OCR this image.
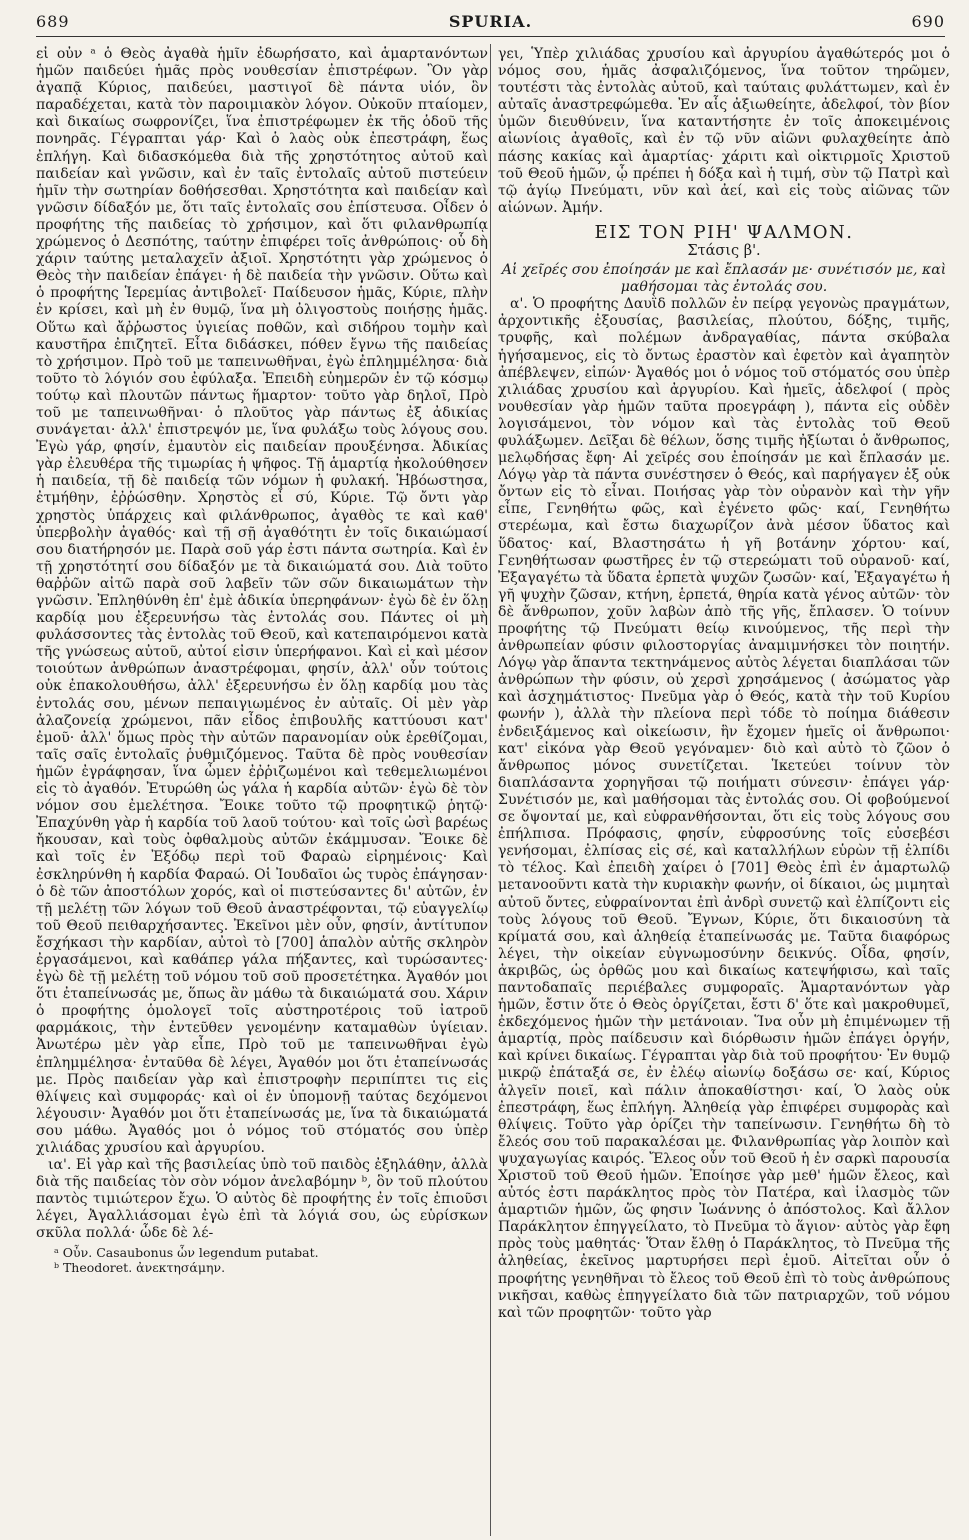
689	SPURIA.	690

εἰ οὖν ᵃ ὁ Θεὸς ἀγαθὰ ἡμῖν ἐδωρήσατο, καὶ ἁμαρτανόντων ἡμῶν παιδεύει ἡμᾶς πρὸς νουθεσίαν ἐπιστρέφων. Ὃν γὰρ ἀγαπᾷ Κύριος, παιδεύει, μαστιγοῖ δὲ πάντα υἱόν, ὃν παραδέχεται, κατὰ τὸν παροιμιακὸν λόγον. Οὐκοῦν πταίομεν, καὶ δικαίως σωφρονίζει, ἵνα ἐπιστρέφωμεν ἐκ τῆς ὁδοῦ τῆς πονηρᾶς. Γέγραπται γάρ· Καὶ ὁ λαὸς οὐκ ἐπεστράφη, ἕως ἐπλήγη. Καὶ διδασκόμεθα διὰ τῆς χρηστότητος αὐτοῦ καὶ παιδείαν καὶ γνῶσιν, καὶ ἐν ταῖς ἐντολαῖς αὐτοῦ πιστεύειν ἡμῖν τὴν σωτηρίαν δοθήσεσθαι. Χρηστότητα καὶ παιδείαν καὶ γνῶσιν δίδαξόν με, ὅτι ταῖς ἐντολαῖς σου ἐπίστευσα. Οἶδεν ὁ προφήτης τῆς παιδείας τὸ χρήσιμον, καὶ ὅτι φιλανθρωπίᾳ χρώμενος ὁ Δεσπότης, ταύτην ἐπιφέρει τοῖς ἀνθρώποις· οὗ δὴ χάριν ταύτης μεταλαχεῖν ἀξιοῖ. Χρηστότητι γὰρ χρώμενος ὁ Θεὸς τὴν παιδείαν ἐπάγει· ἡ δὲ παιδεία τὴν γνῶσιν. Οὕτω καὶ ὁ προφήτης Ἱερεμίας ἀντιβολεῖ· Παίδευσον ἡμᾶς, Κύριε, πλὴν ἐν κρίσει, καὶ μὴ ἐν θυμῷ, ἵνα μὴ ὀλιγοστοὺς ποιήσῃς ἡμᾶς. Οὕτω καὶ ἄῤῥωστος ὑγιείας ποθῶν, καὶ σιδήρου τομὴν καὶ καυστῆρα ἐπιζητεῖ. Εἶτα διδάσκει, πόθεν ἔγνω τῆς παιδείας τὸ χρήσιμον. Πρὸ τοῦ με ταπεινωθῆναι, ἐγὼ ἐπλημμέλησα· διὰ τοῦτο τὸ λόγιόν σου ἐφύλαξα. Ἐπειδὴ εὐημερῶν ἐν τῷ κόσμῳ τούτῳ καὶ πλουτῶν πάντως ἥμαρτον· τοῦτο γὰρ δηλοῖ, Πρὸ τοῦ με ταπεινωθῆναι· ὁ πλοῦτος γὰρ πάντως ἐξ ἀδικίας συνάγεται· ἀλλ' ἐπιστρεψόν με, ἵνα φυλάξω τοὺς λόγους σου. Ἐγὼ γάρ, φησίν, ἐμαυτὸν εἰς παιδείαν προυξένησα. Ἀδικίας γὰρ ἐλευθέρα τῆς τιμωρίας ἡ ψῆφος. Τῇ ἁμαρτίᾳ ἠκολούθησεν ἡ παιδεία, τῇ δὲ παιδείᾳ τῶν νόμων ἡ φυλακή. Ἡβόωστησα, ἐτμήθην, ἐῤῥώσθην. Χρηστὸς εἶ σύ, Κύριε. Τῷ ὄντι γὰρ χρηστὸς ὑπάρχεις καὶ φιλάνθρωπος, ἀγαθὸς τε καὶ καθ' ὑπερβολὴν ἀγαθός· καὶ τῇ σῇ ἀγαθότητι ἐν τοῖς δικαιώμασί σου διατήρησόν με. Παρὰ σοῦ γάρ ἐστι πάντα σωτηρία. Καὶ ἐν τῇ χρηστότητί σου δίδαξόν με τὰ δικαιώματά σου. Διὰ τοῦτο θαῤῥῶν αἰτῶ παρὰ σοῦ λαβεῖν τῶν σῶν δικαιωμάτων τὴν γνῶσιν. Ἐπληθύνθη ἐπ' ἐμὲ ἀδικία ὑπερηφάνων· ἐγὼ δὲ ἐν ὅλῃ καρδίᾳ μου ἐξερευνήσω τὰς ἐντολάς σου. Πάντες οἱ μὴ φυλάσσοντες τὰς ἐντολὰς τοῦ Θεοῦ, καὶ κατεπαιρόμενοι κατὰ τῆς γνώσεως αὐτοῦ, αὐτοί εἰσιν ὑπερήφανοι. Καὶ εἰ καὶ μέσον τοιούτων ἀνθρώπων ἀναστρέφομαι, φησίν, ἀλλ' οὖν τούτοις οὐκ ἐπακολουθήσω, ἀλλ' ἐξερευνήσω ἐν ὅλῃ καρδίᾳ μου τὰς ἐντολάς σου, μένων πεπαιγιωμένος ἐν αὐταῖς. Οἱ μὲν γὰρ ἀλαζονείᾳ χρώμενοι, πᾶν εἶδος ἐπιβουλῆς καττύουσι κατ' ἐμοῦ· ἀλλ' ὅμως πρὸς τὴν αὐτῶν παρανομίαν οὐκ ἐρεθίζομαι, ταῖς σαῖς ἐντολαῖς ῥυθμιζόμενος. Ταῦτα δὲ πρὸς νουθεσίαν ἡμῶν ἐγράφησαν, ἵνα ὦμεν ἐῤῥιζωμένοι καὶ τεθεμελιωμένοι εἰς τὸ ἀγαθόν. Ἐτυρώθη ὡς γάλα ἡ καρδία αὐτῶν· ἐγὼ δὲ τὸν νόμον σου ἐμελέτησα. Ἔοικε τοῦτο τῷ προφητικῷ ῥητῷ· Ἐπαχύνθη γὰρ ἡ καρδία τοῦ λαοῦ τούτου· καὶ τοῖς ὠσὶ βαρέως ἤκουσαν, καὶ τοὺς ὀφθαλμοὺς αὐτῶν ἐκάμμυσαν. Ἔοικε δὲ καὶ τοῖς ἐν Ἐξόδῳ περὶ τοῦ Φαραὼ εἰρημένοις· Καὶ ἐσκληρύνθη ἡ καρδία Φαραώ. Οἱ Ἰουδαῖοι ὡς τυρὸς ἐπάγησαν· ὁ δὲ τῶν ἀποστόλων χορός, καὶ οἱ πιστεύσαντες δι' αὐτῶν, ἐν τῇ μελέτῃ τῶν λόγων τοῦ Θεοῦ ἀναστρέφονται, τῷ εὐαγγελίῳ τοῦ Θεοῦ πειθαρχήσαντες. Ἐκεῖνοι μὲν οὖν, φησίν, ἀντίτυπον ἔσχήκασι τὴν καρδίαν, αὐτοὶ τὸ [700] ἁπαλὸν αὐτῆς σκληρὸν ἐργασάμενοι, καὶ καθάπερ γάλα πήξαντες, καὶ τυρώσαντες· ἐγὼ δὲ τῇ μελέτῃ τοῦ νόμου τοῦ σοῦ προσετέτηκα. Ἀγαθόν μοι ὅτι ἐταπείνωσάς με, ὅπως ἂν μάθω τὰ δικαιώματά σου. Χάριν ὁ προφήτης ὁμολογεῖ τοῖς αὐστηροτέροις τοῦ ἰατροῦ φαρμάκοις, τὴν ἐντεῦθεν γενομένην καταμαθὼν ὑγίειαν. Ἀνωτέρω μὲν γὰρ εἶπε, Πρὸ τοῦ με ταπεινωθῆναι ἐγὼ ἐπλημμέλησα· ἐνταῦθα δὲ λέγει, Ἀγαθόν μοι ὅτι ἐταπείνωσάς με. Πρὸς παιδείαν γὰρ καὶ ἐπιστροφὴν περιπίπτει τις εἰς θλίψεις καὶ συμφοράς· καὶ οἱ ἐν ὑπομονῇ ταύτας δεχόμενοι λέγουσιν· Ἀγαθόν μοι ὅτι ἐταπείνωσάς με, ἵνα τὰ δικαιώματά σου μάθω. Ἀγαθός μοι ὁ νόμος τοῦ στόματός σου ὑπὲρ χιλιάδας χρυσίου καὶ ἀργυρίου.

ια'. Εἰ γὰρ καὶ τῆς βασιλείας ὑπὸ τοῦ παιδὸς ἐξηλάθην, ἀλλὰ διὰ τῆς παιδείας τὸν σὸν νόμον ἀνελαβόμην ᵇ, ὃν τοῦ πλούτου παντὸς τιμιώτερον ἔχω. Ὁ αὐτὸς δὲ προφήτης ἐν τοῖς ἐπιοῦσι λέγει, Ἀγαλλιάσομαι ἐγὼ ἐπὶ τὰ λόγιά σου, ὡς εὑρίσκων σκῦλα πολλά· ὧδε δὲ λέ-

ᵃ Οὖν. Casaubonus ὧν legendum putabat.

ᵇ Theodoret. ἀνεκτησάμην.

γει, Ὑπὲρ χιλιάδας χρυσίου καὶ ἀργυρίου ἀγαθώτερός μοι ὁ νόμος σου, ἡμᾶς ἀσφαλιζόμενος, ἵνα τοῦτον τηρῶμεν, τουτέστι τὰς ἐντολὰς αὐτοῦ, καὶ ταύταις φυλάττωμεν, καὶ ἐν αὐταῖς ἀναστρεφώμεθα. Ἐν αἷς ἀξιωθείητε, ἀδελφοί, τὸν βίον ὑμῶν διευθύνειν, ἵνα καταντήσητε ἐν τοῖς ἀποκειμένοις αἰωνίοις ἀγαθοῖς, καὶ ἐν τῷ νῦν αἰῶνι φυλαχθείητε ἀπὸ πάσης κακίας καὶ ἁμαρτίας· χάριτι καὶ οἰκτιρμοῖς Χριστοῦ τοῦ Θεοῦ ἡμῶν, ᾧ πρέπει ἡ δόξα καὶ ἡ τιμή, σὺν τῷ Πατρὶ καὶ τῷ ἁγίῳ Πνεύματι, νῦν καὶ ἀεί, καὶ εἰς τοὺς αἰῶνας τῶν αἰώνων. Ἀμήν.

ΕΙΣ ΤΟΝ ΡΙΗ' ΨΑΛΜΟΝ.
Στάσις β'.

Αἱ χεῖρές σου ἐποίησάν με καὶ ἔπλασάν με· συνέτισόν με, καὶ μαθήσομαι τὰς ἐντολάς σου.

α'. Ὁ προφήτης Δαυῒδ πολλῶν ἐν πείρᾳ γεγονὼς πραγμάτων, ἀρχοντικῆς ἐξουσίας, βασιλείας, πλούτου, δόξης, τιμῆς, τρυφῆς, καὶ πολέμων ἀνδραγαθίας, πάντα σκύβαλα ἡγήσαμενος, εἰς τὸ ὄντως ἐραστὸν καὶ ἐφετὸν καὶ ἀγαπητὸν ἀπέβλεψεν, εἰπών· Ἀγαθός μοι ὁ νόμος τοῦ στόματός σου ὑπὲρ χιλιάδας χρυσίου καὶ ἀργυρίου. Καὶ ἡμεῖς, ἀδελφοί ( πρὸς νουθεσίαν γὰρ ἡμῶν ταῦτα προεγράφη ), πάντα εἰς οὐδὲν λογισάμενοι, τὸν νόμον καὶ τὰς ἐντολὰς τοῦ Θεοῦ φυλάξωμεν. Δεῖξαι δὲ θέλων, ὅσης τιμῆς ἠξίωται ὁ ἄνθρωπος, μελῳδήσας ἔφη· Αἱ χεῖρές σου ἐποίησάν με καὶ ἔπλασάν με. Λόγῳ γὰρ τὰ πάντα συνέστησεν ὁ Θεός, καὶ παρήγαγεν ἐξ οὐκ ὄντων εἰς τὸ εἶναι. Ποιήσας γὰρ τὸν οὐρανὸν καὶ τὴν γῆν εἶπε, Γενηθήτω φῶς, καὶ ἐγένετο φῶς· καί, Γενηθήτω στερέωμα, καὶ ἔστω διαχωρίζον ἀνὰ μέσον ὕδατος καὶ ὕδατος· καί, Βλαστησάτω ἡ γῆ βοτάνην χόρτου· καί, Γενηθήτωσαν φωστῆρες ἐν τῷ στερεώματι τοῦ οὐρανοῦ· καί, Ἐξαγαγέτω τὰ ὕδατα ἑρπετὰ ψυχῶν ζωσῶν· καί, Ἐξαγαγέτω ἡ γῆ ψυχὴν ζῶσαν, κτήνη, ἑρπετά, θηρία κατὰ γένος αὐτῶν· τὸν δὲ ἄνθρωπον, χοῦν λαβὼν ἀπὸ τῆς γῆς, ἔπλασεν. Ὁ τοίνυν προφήτης τῷ Πνεύματι θείῳ κινούμενος, τῆς περὶ τὴν ἀνθρωπείαν φύσιν φιλοστοργίας ἀναμιμνήσκει τὸν ποιητήν. Λόγῳ γὰρ ἅπαντα τεκτηνάμενος αὐτὸς λέγεται διαπλάσαι τῶν ἀνθρώπων τὴν φύσιν, οὐ χερσὶ χρησάμενος ( ἀσώματος γὰρ καὶ ἀσχημάτιστος· Πνεῦμα γὰρ ὁ Θεός, κατὰ τὴν τοῦ Κυρίου φωνήν ), ἀλλὰ τὴν πλείονα περὶ τόδε τὸ ποίημα διάθεσιν ἐνδειξάμενος καὶ οἰκείωσιν, ἣν ἔχομεν ἡμεῖς οἱ ἄνθρωποι· κατ' εἰκόνα γὰρ Θεοῦ γεγόναμεν· διὸ καὶ αὐτὸ τὸ ζῶον ὁ ἄνθρωπος μόνος συνετίζεται. Ἱκετεύει τοίνυν τὸν διαπλάσαντα χορηγῆσαι τῷ ποιήματι σύνεσιν· ἐπάγει γάρ· Συνέτισόν με, καὶ μαθήσομαι τὰς ἐντολάς σου. Οἱ φοβούμενοί σε ὄψονταί με, καὶ εὐφρανθήσονται, ὅτι εἰς τοὺς λόγους σου ἐπήλπισα. Πρόφασις, φησίν, εὐφροσύνης τοῖς εὐσεβέσι γενήσομαι, ἐλπίσας εἰς σέ, καὶ καταλλήλων εὑρὼν τῇ ἐλπίδι τὸ τέλος. Καὶ ἐπειδὴ χαίρει ὁ [701] Θεὸς ἐπὶ ἐν ἁμαρτωλῷ μετανοοῦντι κατὰ τὴν κυριακὴν φωνήν, οἱ δίκαιοι, ὡς μιμηταὶ αὐτοῦ ὄντες, εὐφραίνονται ἐπὶ ἀνδρὶ συνετῷ καὶ ἐλπίζοντι εἰς τοὺς λόγους τοῦ Θεοῦ. Ἔγνων, Κύριε, ὅτι δικαιοσύνη τὰ κρίματά σου, καὶ ἀληθείᾳ ἐταπείνωσάς με. Ταῦτα διαφόρως λέγει, τὴν οἰκείαν εὐγνωμοσύνην δεικνύς. Οἶδα, φησίν, ἀκριβῶς, ὡς ὀρθῶς μου καὶ δικαίως κατεψήφισω, καὶ ταῖς παντοδαπαῖς περιέβαλες συμφοραῖς. Ἁμαρτανόντων γὰρ ἡμῶν, ἔστιν ὅτε ὁ Θεὸς ὀργίζεται, ἔστι δ' ὅτε καὶ μακροθυμεῖ, ἐκδεχόμενος ἡμῶν τὴν μετάνοιαν. Ἵνα οὖν μὴ ἐπιμένωμεν τῇ ἁμαρτίᾳ, πρὸς παίδευσιν καὶ διόρθωσιν ἡμῶν ἐπάγει ὀργήν, καὶ κρίνει δικαίως. Γέγραπται γὰρ διὰ τοῦ προφήτου· Ἐν θυμῷ μικρῷ ἐπάταξά σε, ἐν ἐλέῳ αἰωνίῳ δοξάσω σε· καί, Κύριος ἀλγεῖν ποιεῖ, καὶ πάλιν ἀποκαθίστησι· καί, Ὁ λαὸς οὐκ ἐπεστράφη, ἕως ἐπλήγη. Ἀληθείᾳ γὰρ ἐπιφέρει συμφορὰς καὶ θλίψεις. Τοῦτο γὰρ ὁρίζει τὴν ταπείνωσιν. Γενηθήτω δὴ τὸ ἔλεός σου τοῦ παρακαλέσαι με. Φιλανθρωπίας γὰρ λοιπὸν καὶ ψυχαγωγίας καιρός. Ἔλεος οὖν τοῦ Θεοῦ ἡ ἐν σαρκὶ παρουσία Χριστοῦ τοῦ Θεοῦ ἡμῶν. Ἐποίησε γὰρ μεθ' ἡμῶν ἔλεος, καὶ αὐτός ἐστι παράκλητος πρὸς τὸν Πατέρα, καὶ ἱλασμὸς τῶν ἁμαρτιῶν ἡμῶν, ὥς φησιν Ἰωάννης ὁ ἀπόστολος. Καὶ ἄλλον Παράκλητον ἐπηγγείλατο, τὸ Πνεῦμα τὸ ἅγιον· αὐτὸς γὰρ ἔφη πρὸς τοὺς μαθητάς· Ὅταν ἔλθῃ ὁ Παράκλητος, τὸ Πνεῦμα τῆς ἀληθείας, ἐκεῖνος μαρτυρήσει περὶ ἐμοῦ. Αἰτεῖται οὖν ὁ προφήτης γενηθῆναι τὸ ἔλεος τοῦ Θεοῦ ἐπὶ τὸ τοὺς ἀνθρώπους νικῆσαι, καθὼς ἐπηγγείλατο διὰ τῶν πατριαρχῶν, τοῦ νόμου καὶ τῶν προφητῶν· τοῦτο γὰρ
